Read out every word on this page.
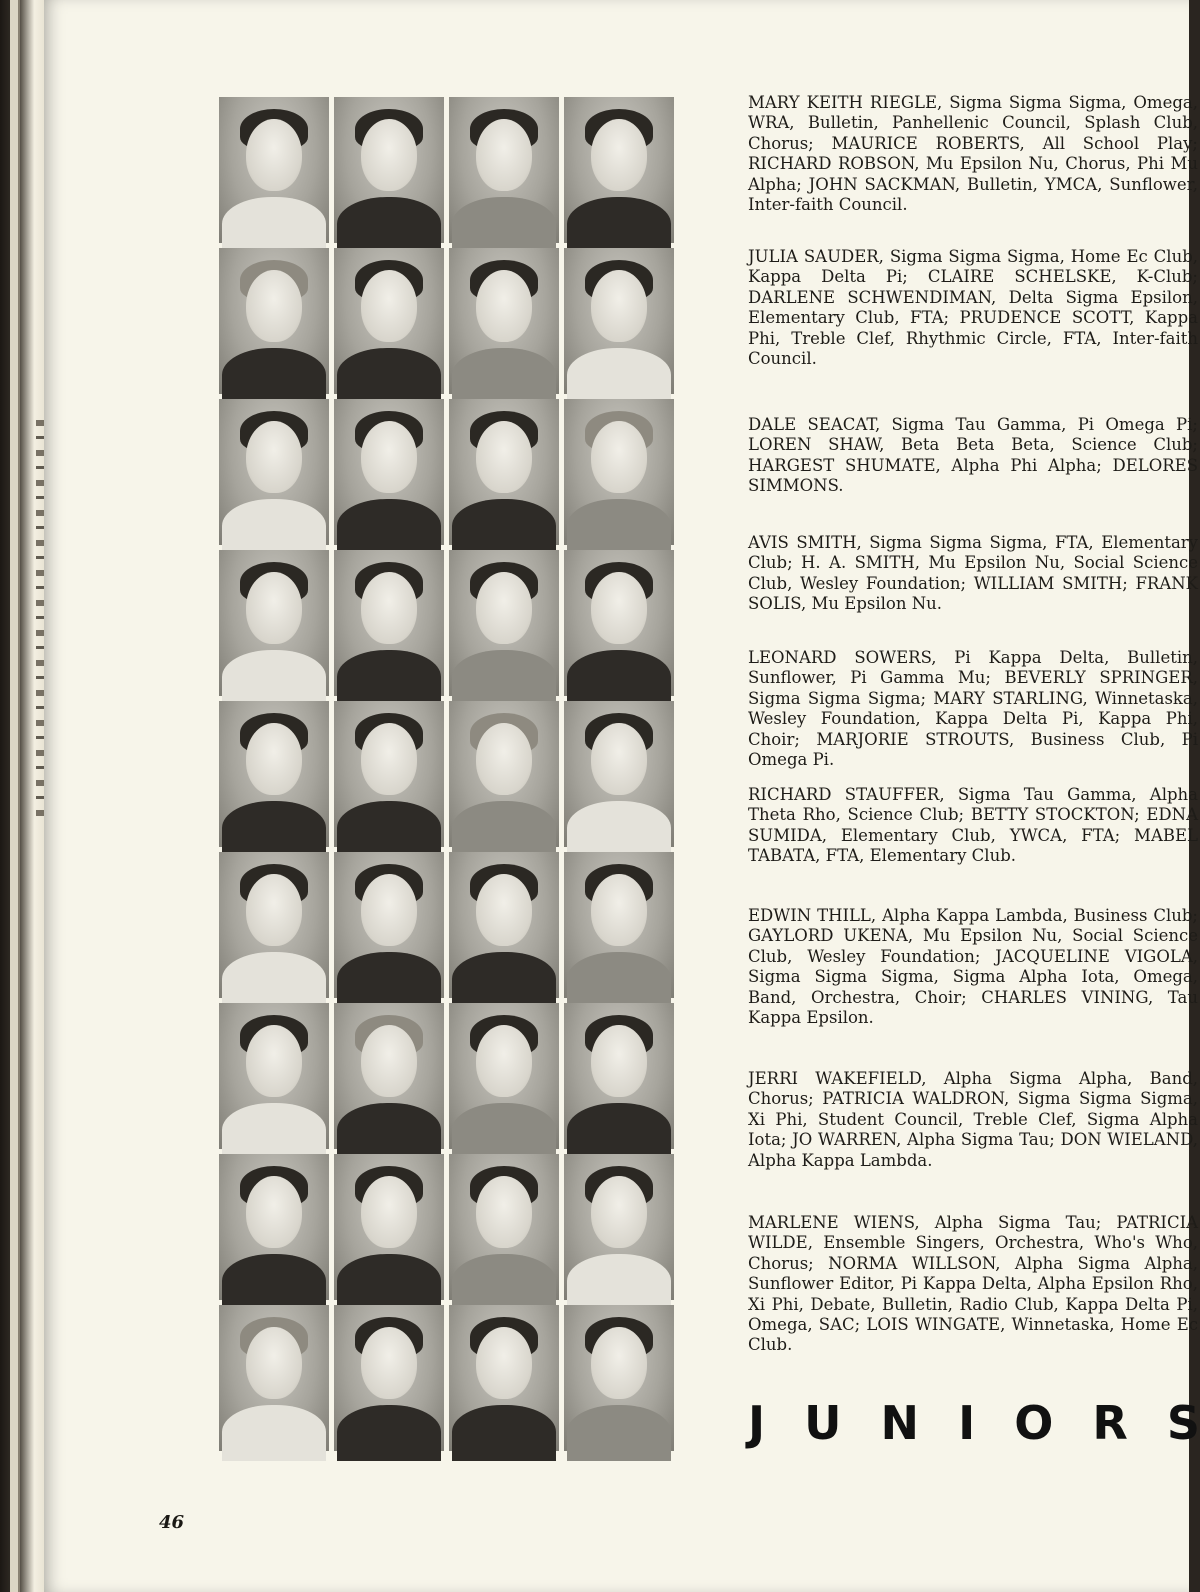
MARY KEITH RIEGLE, Sigma Sigma Sigma, Omega, WRA, Bulletin, Panhellenic Council, Splash Club, Chorus; MAURICE ROBERTS, All School Play; RICHARD ROBSON, Mu Epsilon Nu, Chorus, Phi Mu Alpha; JOHN SACKMAN, Bulletin, YMCA, Sunflower, Inter-faith Council.

JULIA SAUDER, Sigma Sigma Sigma, Home Ec Club, Kappa Delta Pi; CLAIRE SCHELSKE, K-Club; DARLENE SCHWENDIMAN, Delta Sigma Epsilon, Elementary Club, FTA; PRUDENCE SCOTT, Kappa Phi, Treble Clef, Rhythmic Circle, FTA, Inter-faith Council.

DALE SEACAT, Sigma Tau Gamma, Pi Omega Pi; LOREN SHAW, Beta Beta Beta, Science Club; HARGEST SHUMATE, Alpha Phi Alpha; DELORES SIMMONS.

AVIS SMITH, Sigma Sigma Sigma, FTA, Elementary Club; H. A. SMITH, Mu Epsilon Nu, Social Science Club, Wesley Foundation; WILLIAM SMITH; FRANK SOLIS, Mu Epsilon Nu.

LEONARD SOWERS, Pi Kappa Delta, Bulletin, Sunflower, Pi Gamma Mu; BEVERLY SPRINGER, Sigma Sigma Sigma; MARY STARLING, Winnetaska, Wesley Foundation, Kappa Delta Pi, Kappa Phi, Choir; MARJORIE STROUTS, Business Club, Pi Omega Pi.

RICHARD STAUFFER, Sigma Tau Gamma, Alpha Theta Rho, Science Club; BETTY STOCKTON; EDNA SUMIDA, Elementary Club, YWCA, FTA; MABEL TABATA, FTA, Elementary Club.

EDWIN THILL, Alpha Kappa Lambda, Business Club; GAYLORD UKENA, Mu Epsilon Nu, Social Science Club, Wesley Foundation; JACQUELINE VIGOLA, Sigma Sigma Sigma, Sigma Alpha Iota, Omega, Band, Orchestra, Choir; CHARLES VINING, Tau Kappa Epsilon.

JERRI WAKEFIELD, Alpha Sigma Alpha, Band, Chorus; PATRICIA WALDRON, Sigma Sigma Sigma, Xi Phi, Student Council, Treble Clef, Sigma Alpha Iota; JO WARREN, Alpha Sigma Tau; DON WIELAND, Alpha Kappa Lambda.

MARLENE WIENS, Alpha Sigma Tau; PATRICIA WILDE, Ensemble Singers, Orchestra, Who's Who, Chorus; NORMA WILLSON, Alpha Sigma Alpha, Sunflower Editor, Pi Kappa Delta, Alpha Epsilon Rho, Xi Phi, Debate, Bulletin, Radio Club, Kappa Delta Pi, Omega, SAC; LOIS WINGATE, Winnetaska, Home Ec Club.

J U N I O R S
46
